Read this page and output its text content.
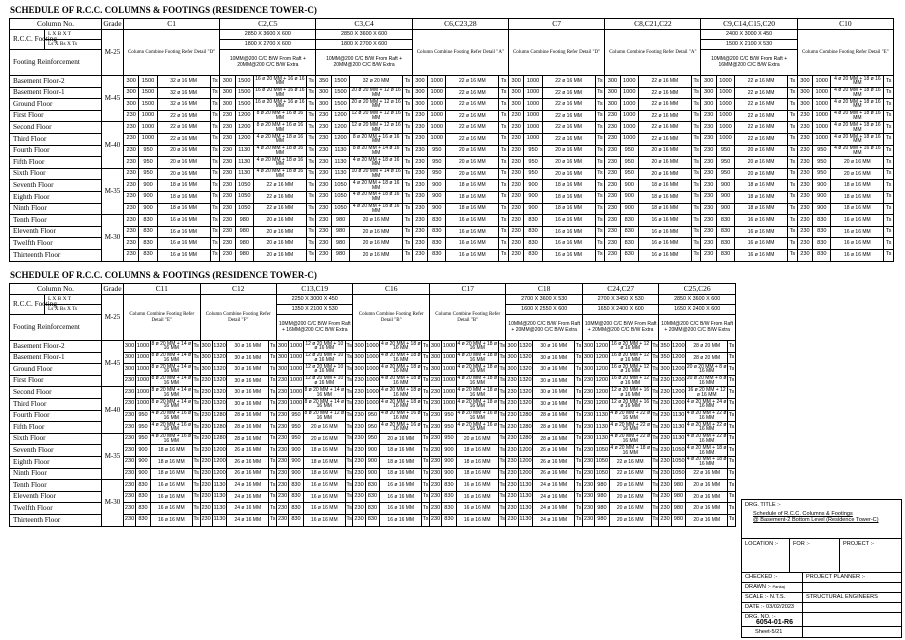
SCHEDULE OF R.C.C. COLUMNS & FOOTINGS (RESIDENCE TOWER-C)
Column No.		Grade	C1				C2,C5				C3,C4				C6,C23,28				C7				C8,C21,C22				C9,C14,C15,C20				C10			
R.C.C. Footing	L X B X T	M-25	Column Combine Footing Refer Detail "D"				2850 X 3600 X 600				2850 X 3600 X 600				Column Combine Footing Refer Detail "A"				Column Combine Footing Refer Detail "D"				Column Combine Footing Refer Detail "A"				2400 X 3000 X 450				Column Combine Footing Refer Detail "E"			
	Ls X Bs X Ts						1800 X 2700 X 600				1800 X 2700 X 600																1500 X 2100 X 530							
Footing Reinforcement							10MM@200 C/C B/W From Raft + 20MM@200 C/C B/W Extra				10MM@200 C/C B/W From Raft + 20MM@200 C/C B/W Extra																10MM@200 C/C B/W From Raft + 16MM@200 C/C B/W Extra							
Basement Floor-2		M-45	300	1500	32 ø 16 MM	Ts	300	1500	16 ø 20 MM + 16 ø 16 MM	Ts	350	1500	32 ø 20 MM	Ts	300	1000	22 ø 16 MM	Ts	300	1000	22 ø 16 MM	Ts	300	1000	22 ø 16 MM	Ts	300	1000	22 ø 16 MM	Ts	300	1000	4 ø 20 MM + 18 ø 16 MM	Ts
Basement Floor-1			300	1500	32 ø 16 MM	Ts	300	1500	16 ø 20 MM + 16 ø 16 MM	Ts	300	1500	20 ø 20 MM + 12 ø 16 MM	Ts	300	1000	22 ø 16 MM	Ts	300	1000	22 ø 16 MM	Ts	300	1000	22 ø 16 MM	Ts	300	1000	22 ø 16 MM	Ts	300	1000	4 ø 20 MM + 18 ø 16 MM	Ts
Ground Floor			300	1500	32 ø 16 MM	Ts	300	1500	16 ø 20 MM + 16 ø 16 MM	Ts	300	1500	20 ø 20 MM + 12 ø 16 MM	Ts	300	1000	22 ø 16 MM	Ts	300	1000	22 ø 16 MM	Ts	300	1000	22 ø 16 MM	Ts	300	1000	22 ø 16 MM	Ts	300	1000	4 ø 20 MM + 18 ø 16 MM	Ts
First Floor			230	1000	22 ø 16 MM	Ts	230	1200	8 ø 20 MM + 16 ø 16 MM	Ts	230	1200	12 ø 20 MM + 12 ø 16 MM	Ts	230	1000	22 ø 16 MM	Ts	230	1000	22 ø 16 MM	Ts	230	1000	22 ø 16 MM	Ts	230	1000	22 ø 16 MM	Ts	230	1000	4 ø 20 MM + 18 ø 16 MM	Ts
Second Floor		M-40	230	1000	22 ø 16 MM	Ts	230	1200	8 ø 20 MM + 16 ø 16 MM	Ts	230	1200	12 ø 20 MM + 12 ø 16 MM	Ts	230	1000	22 ø 16 MM	Ts	230	1000	22 ø 16 MM	Ts	230	1000	22 ø 16 MM	Ts	230	1000	22 ø 16 MM	Ts	230	1000	4 ø 20 MM + 18 ø 16 MM	Ts
Third Floor			230	1000	22 ø 16 MM	Ts	230	1200	4 ø 20 MM + 18 ø 16 MM	Ts	230	1200	8 ø 20 MM + 16 ø 16 MM	Ts	230	1000	22 ø 16 MM	Ts	230	1000	22 ø 16 MM	Ts	230	1000	22 ø 16 MM	Ts	230	1000	22 ø 16 MM	Ts	230	1000	4 ø 20 MM + 18 ø 16 MM	Ts
Fourth Floor			230	950	20 ø 16 MM	Ts	230	1130	4 ø 20 MM + 18 ø 16 MM	Ts	230	1130	8 ø 20 MM + 14 ø 16 MM	Ts	230	950	20 ø 16 MM	Ts	230	950	20 ø 16 MM	Ts	230	950	20 ø 16 MM	Ts	230	950	20 ø 16 MM	Ts	230	950	4 ø 20 MM + 16 ø 16 MM	Ts
Fifth Floor			230	950	20 ø 16 MM	Ts	230	1130	4 ø 20 MM + 18 ø 16 MM	Ts	230	1130	4 ø 20 MM + 18 ø 16 MM	Ts	230	950	20 ø 16 MM	Ts	230	950	20 ø 16 MM	Ts	230	950	20 ø 16 MM	Ts	230	950	20 ø 16 MM	Ts	230	950	20 ø 16 MM	Ts
Sixth Floor		M-35	230	950	20 ø 16 MM	Ts	230	1130	4 ø 20 MM + 18 ø 16 MM	Ts	230	1130	10 ø 20 MM + 14 ø 16 MM	Ts	230	950	20 ø 16 MM	Ts	230	950	20 ø 16 MM	Ts	230	950	20 ø 16 MM	Ts	230	950	20 ø 16 MM	Ts	230	950	20 ø 16 MM	Ts
Seventh Floor			230	900	18 ø 16 MM	Ts	230	1050	22 ø 16 MM	Ts	230	1050	4 ø 20 MM + 18 ø 16 MM	Ts	230	900	18 ø 16 MM	Ts	230	900	18 ø 16 MM	Ts	230	900	18 ø 16 MM	Ts	230	900	18 ø 16 MM	Ts	230	900	18 ø 16 MM	Ts
Eighth Floor			230	900	18 ø 16 MM	Ts	230	1050	22 ø 16 MM	Ts	230	1050	4 ø 20 MM + 18 ø 16 MM	Ts	230	900	18 ø 16 MM	Ts	230	900	18 ø 16 MM	Ts	230	900	18 ø 16 MM	Ts	230	900	18 ø 16 MM	Ts	230	900	18 ø 16 MM	Ts
Ninth Floor			230	900	18 ø 16 MM	Ts	230	1050	22 ø 16 MM	Ts	230	1050	4 ø 20 MM + 18 ø 16 MM	Ts	230	900	18 ø 16 MM	Ts	230	900	18 ø 16 MM	Ts	230	900	18 ø 16 MM	Ts	230	900	18 ø 16 MM	Ts	230	900	18 ø 16 MM	Ts
Tenth Floor		M-30	230	830	16 ø 16 MM	Ts	230	980	20 ø 16 MM	Ts	230	980	20 ø 16 MM	Ts	230	830	16 ø 16 MM	Ts	230	830	16 ø 16 MM	Ts	230	830	16 ø 16 MM	Ts	230	830	16 ø 16 MM	Ts	230	830	16 ø 16 MM	Ts
Eleventh Floor			230	830	16 ø 16 MM	Ts	230	980	20 ø 16 MM	Ts	230	980	20 ø 16 MM	Ts	230	830	16 ø 16 MM	Ts	230	830	16 ø 16 MM	Ts	230	830	16 ø 16 MM	Ts	230	830	16 ø 16 MM	Ts	230	830	16 ø 16 MM	Ts
Twelfth Floor			230	830	16 ø 16 MM	Ts	230	980	20 ø 16 MM	Ts	230	980	20 ø 16 MM	Ts	230	830	16 ø 16 MM	Ts	230	830	16 ø 16 MM	Ts	230	830	16 ø 16 MM	Ts	230	830	16 ø 16 MM	Ts	230	830	16 ø 16 MM	Ts
Thirteenth Floor			230	830	16 ø 16 MM	Ts	230	980	20 ø 16 MM	Ts	230	980	20 ø 16 MM	Ts	230	830	16 ø 16 MM	Ts	230	830	16 ø 16 MM	Ts	230	830	16 ø 16 MM	Ts	230	830	16 ø 16 MM	Ts	230	830	16 ø 16 MM	Ts
SCHEDULE OF R.C.C. COLUMNS & FOOTINGS (RESIDENCE TOWER-C)
Column No.		Grade	C11				C12				C13,C19				C16				C17				C18				C24,C27				C25,C26			
R.C.C. Footing	L X B X T	M-25	Column Combine Footing Refer Detail "E"				Column Combine Footing Refer Detail "F"				2250 X 3000 X 450				Column Combine Footing Refer Detail "B"				Column Combine Footing Refer Detail "B"				2700 X 3600 X 530				2700 X 3450 X 530				2850 X 3600 X 600			
	Ls X Bs X Ts										1350 X 2100 X 530												1600 X 2550 X 600				1650 X 2400 X 600				1650 X 2400 X 600			
Footing Reinforcement											10MM@200 C/C B/W From Raft + 16MM@200 C/C B/W Extra												10MM@200 C/C B/W From Raft + 20MM@200 C/C B/W Extra				10MM@200 C/C B/W From Raft + 20MM@200 C/C B/W Extra				10MM@200 C/C B/W From Raft + 20MM@200 C/C B/W Extra			
Basement Floor-2		M-45	300	1000	8 ø 20 MM + 14 ø 16 MM	Ts	300	1320	30 ø 16 MM	Ts	300	1000	12 ø 20 MM + 10 ø 16 MM	Ts	300	1000	4 ø 20 MM + 18 ø 16 MM	Ts	300	1000	4 ø 20 MM + 18 ø 16 MM	Ts	300	1320	30 ø 16 MM	Ts	300	1200	16 ø 20 MM + 12 ø 16 MM	Ts	350	1200	28 ø 20 MM	Ts
Basement Floor-1			300	1000	8 ø 20 MM + 14 ø 16 MM	Ts	300	1320	30 ø 16 MM	Ts	300	1000	12 ø 20 MM + 10 ø 16 MM	Ts	300	1000	4 ø 20 MM + 18 ø 16 MM	Ts	300	1000	4 ø 20 MM + 18 ø 16 MM	Ts	300	1320	30 ø 16 MM	Ts	300	1200	16 ø 20 MM + 12 ø 16 MM	Ts	350	1200	28 ø 20 MM	Ts
Ground Floor			300	1000	8 ø 20 MM + 14 ø 16 MM	Ts	300	1320	30 ø 16 MM	Ts	300	1000	12 ø 20 MM + 10 ø 16 MM	Ts	300	1000	4 ø 20 MM + 18 ø 16 MM	Ts	300	1000	4 ø 20 MM + 18 ø 16 MM	Ts	300	1320	30 ø 16 MM	Ts	300	1200	16 ø 20 MM + 12 ø 16 MM	Ts	300	1200	20 ø 20 MM + 8 ø 16 MM	Ts
First Floor			230	1000	8 ø 20 MM + 14 ø 16 MM	Ts	230	1320	30 ø 16 MM	Ts	230	1000	12 ø 20 MM + 10 ø 16 MM	Ts	230	1000	4 ø 20 MM + 18 ø 16 MM	Ts	230	1000	4 ø 20 MM + 18 ø 16 MM	Ts	230	1320	30 ø 16 MM	Ts	230	1200	16 ø 20 MM + 12 ø 16 MM	Ts	230	1200	20 ø 20 MM + 8 ø 16 MM	Ts
Second Floor		M-40	230	1000	8 ø 20 MM + 14 ø 16 MM	Ts	230	1320	30 ø 16 MM	Ts	230	1000	8 ø 20 MM + 14 ø 16 MM	Ts	230	1000	4 ø 20 MM + 18 ø 16 MM	Ts	230	1000	4 ø 20 MM + 18 ø 16 MM	Ts	230	1320	30 ø 16 MM	Ts	230	1200	12 ø 20 MM + 16 ø 16 MM	Ts	230	1200	16 ø 20 MM + 12 ø 16 MM	Ts
Third Floor			230	1000	8 ø 20 MM + 14 ø 16 MM	Ts	230	1320	30 ø 16 MM	Ts	230	1000	8 ø 20 MM + 14 ø 16 MM	Ts	230	1000	4 ø 20 MM + 18 ø 16 MM	Ts	230	1000	4 ø 20 MM + 18 ø 16 MM	Ts	230	1320	30 ø 16 MM	Ts	230	1200	12 ø 20 MM + 16 ø 16 MM	Ts	230	1200	4 ø 20 MM + 24 ø 16 MM	Ts
Fourth Floor			230	950	4 ø 20 MM + 16 ø 16 MM	Ts	230	1280	28 ø 16 MM	Ts	230	950	8 ø 20 MM + 12 ø 16 MM	Ts	230	950	4 ø 20 MM + 16 ø 16 MM	Ts	230	950	4 ø 20 MM + 16 ø 16 MM	Ts	230	1280	28 ø 16 MM	Ts	230	1130	4 ø 20 MM + 22 ø 16 MM	Ts	230	1130	4 ø 20 MM + 22 ø 16 MM	Ts
Fifth Floor			230	950	4 ø 20 MM + 16 ø 16 MM	Ts	230	1280	28 ø 16 MM	Ts	230	950	20 ø 16 MM	Ts	230	950	4 ø 20 MM + 16 ø 16 MM	Ts	230	950	4 ø 20 MM + 16 ø 16 MM	Ts	230	1280	28 ø 16 MM	Ts	230	1130	4 ø 20 MM + 22 ø 16 MM	Ts	230	1130	4 ø 20 MM + 22 ø 16 MM	Ts
Sixth Floor		M-35	230	950	4 ø 20 MM + 16 ø 16 MM	Ts	230	1280	28 ø 16 MM	Ts	230	950	20 ø 16 MM	Ts	230	950	20 ø 16 MM	Ts	230	950	20 ø 16 MM	Ts	230	1280	28 ø 16 MM	Ts	230	1130	4 ø 20 MM + 22 ø 16 MM	Ts	230	1130	4 ø 20 MM + 22 ø 16 MM	Ts
Seventh Floor			230	900	18 ø 16 MM	Ts	230	1200	26 ø 16 MM	Ts	230	900	18 ø 16 MM	Ts	230	900	18 ø 16 MM	Ts	230	900	18 ø 16 MM	Ts	230	1200	26 ø 16 MM	Ts	230	1050	4 ø 20 MM + 18 ø 16 MM	Ts	230	1050	4 ø 20 MM + 18 ø 16 MM	Ts
Eighth Floor			230	900	18 ø 16 MM	Ts	230	1200	26 ø 16 MM	Ts	230	900	18 ø 16 MM	Ts	230	900	18 ø 16 MM	Ts	230	900	18 ø 16 MM	Ts	230	1200	26 ø 16 MM	Ts	230	1050	22 ø 16 MM	Ts	230	1050	4 ø 20 MM + 18 ø 16 MM	Ts
Ninth Floor			230	900	18 ø 16 MM	Ts	230	1200	26 ø 16 MM	Ts	230	900	18 ø 16 MM	Ts	230	900	18 ø 16 MM	Ts	230	900	18 ø 16 MM	Ts	230	1200	26 ø 16 MM	Ts	230	1050	22 ø 16 MM	Ts	230	1050	22 ø 16 MM	Ts
Tenth Floor		M-30	230	830	16 ø 16 MM	Ts	230	1130	24 ø 16 MM	Ts	230	830	16 ø 16 MM	Ts	230	830	16 ø 16 MM	Ts	230	830	16 ø 16 MM	Ts	230	1130	24 ø 16 MM	Ts	230	980	20 ø 16 MM	Ts	230	980	20 ø 16 MM	Ts
Eleventh Floor			230	830	16 ø 16 MM	Ts	230	1130	24 ø 16 MM	Ts	230	830	16 ø 16 MM	Ts	230	830	16 ø 16 MM	Ts	230	830	16 ø 16 MM	Ts	230	1130	24 ø 16 MM	Ts	230	980	20 ø 16 MM	Ts	230	980	20 ø 16 MM	Ts
Twelfth Floor			230	830	16 ø 16 MM	Ts	230	1130	24 ø 16 MM	Ts	230	830	16 ø 16 MM	Ts	230	830	16 ø 16 MM	Ts	230	830	16 ø 16 MM	Ts	230	1130	24 ø 16 MM	Ts	230	980	20 ø 16 MM	Ts	230	980	20 ø 16 MM	Ts
Thirteenth Floor			230	830	16 ø 16 MM	Ts	230	1130	24 ø 16 MM	Ts	230	830	16 ø 16 MM	Ts	230	830	16 ø 16 MM	Ts	230	830	16 ø 16 MM	Ts	230	1130	24 ø 16 MM	Ts	230	980	20 ø 16 MM	Ts	230	980	20 ø 16 MM	Ts
DRG. TITLE :-
Schedule of R.C.C. Columns & Footings
@ Basement-2 Bottom Level (Residence Tower-C)
LOCATION :-	FOR :-	PROJECT :-
CHECKED :-	PROJECT PLANNER :-
DRAWN :- Pankaj
SCALE :- N.T.S.	STRUCTURAL ENGINEERS
DATE :- 03/02/2023
DRG. NO. :-
Sheet-5/21
6054-01-R6
